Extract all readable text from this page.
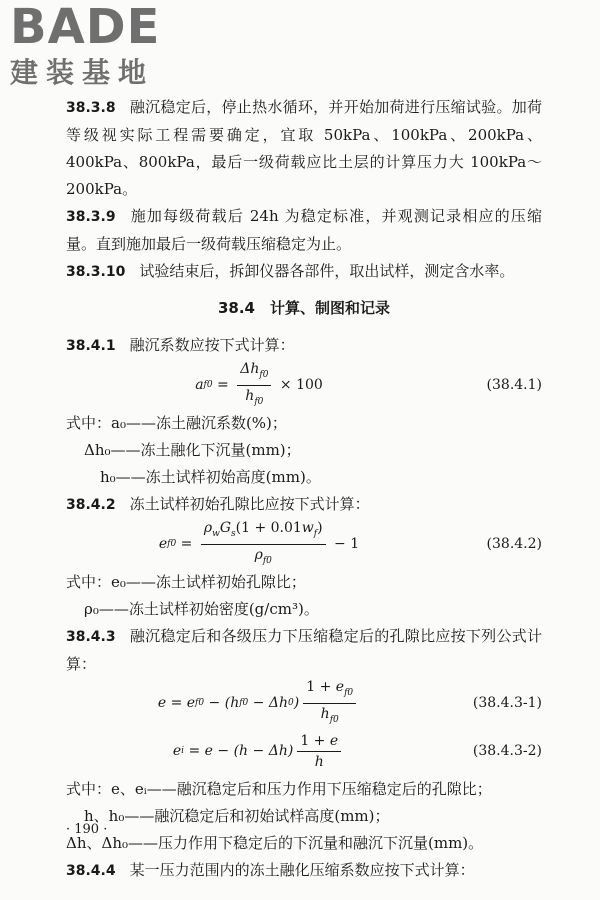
BADE
建装基地

38.3.8 融沉稳定后，停止热水循环，并开始加荷进行压缩试验。加荷等级视实际工程需要确定，宜取 50kPa、100kPa、200kPa、400kPa、800kPa，最后一级荷载应比土层的计算压力大 100kPa～200kPa。

38.3.9 施加每级荷载后 24h 为稳定标准，并观测记录相应的压缩量。直到施加最后一级荷载压缩稳定为止。

38.3.10 试验结束后，拆卸仪器各部件，取出试样，测定含水率。

38.4　计算、制图和记录

38.4.1 融沉系数应按下式计算：

a $f0 = \frac{\Delta h_{f0}}{h_{f0}}$
× 100	(38.4.1)

式中：a₀——冻土融沉系数(%)；

Δh₀——冻土融化下沉量(mm)；

h₀——冻土试样初始高度(mm)。

38.4.2 冻土试样初始孔隙比应按下式计算：

e $f0 = \frac{\rho_wG_s(1 + 0.01w_f)}{\rho_{f0}}$
− 1	(38.4.2)

式中：e₀——冻土试样初始孔隙比；

ρ₀——冻土试样初始密度(g/cm³)。

38.4.3 融沉稳定后和各级压力下压缩稳定后的孔隙比应按下列公式计算：

e = e f0
− (h f0
− Δh 0 ) $\frac{1 + e_{f0}}{h_{f0}}$	(38.4.3-1)
e $i = e - (h - \Delta h) \frac{1 + e}{h}$	(38.4.3-2)

式中：e、eᵢ——融沉稳定后和压力作用下压缩稳定后的孔隙比；

h、h₀——融沉稳定后和初始试样高度(mm)；

Δh、Δh₀——压力作用下稳定后的下沉量和融沉下沉量(mm)。

38.4.4 某一压力范围内的冻土融化压缩系数应按下式计算：

· 190 ·
